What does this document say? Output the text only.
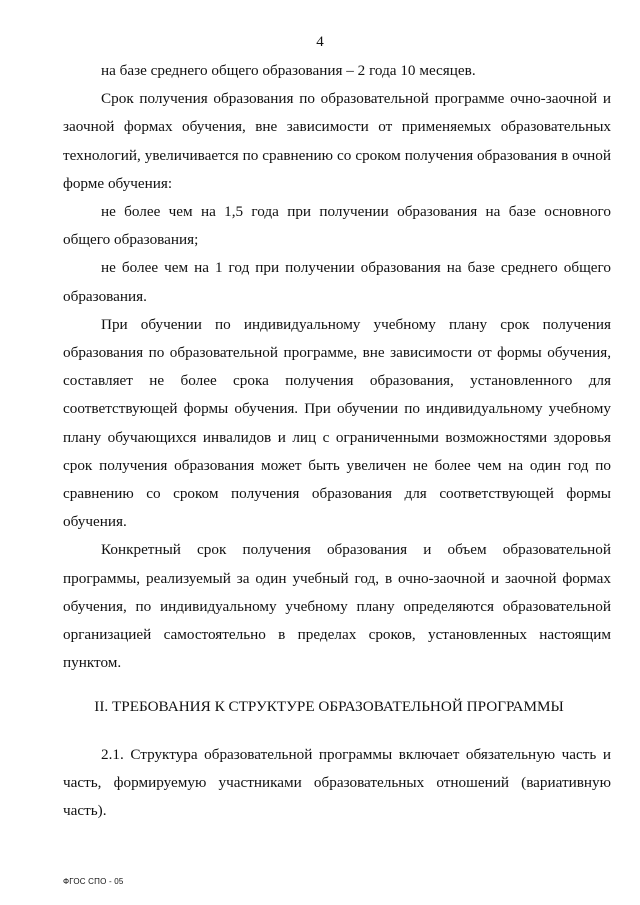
4

на базе среднего общего образования – 2 года 10 месяцев.

Срок получения образования по образовательной программе очно-заочной и заочной формах обучения, вне зависимости от применяемых образовательных технологий, увеличивается по сравнению со сроком получения образования в очной форме обучения:

не более чем на 1,5 года при получении образования на базе основного общего образования;

не более чем на 1 год при получении образования на базе среднего общего образования.

При обучении по индивидуальному учебному плану срок получения образования по образовательной программе, вне зависимости от формы обучения, составляет не более срока получения образования, установленного для соответствующей формы обучения. При обучении по индивидуальному учебному плану обучающихся инвалидов и лиц с ограниченными возможностями здоровья срок получения образования может быть увеличен не более чем на один год по сравнению со сроком получения образования для соответствующей формы обучения.

Конкретный срок получения образования и объем образовательной программы, реализуемый за один учебный год, в очно-заочной и заочной формах обучения, по индивидуальному учебному плану определяются образовательной организацией самостоятельно в пределах сроков, установленных настоящим пунктом.

II. ТРЕБОВАНИЯ К СТРУКТУРЕ ОБРАЗОВАТЕЛЬНОЙ ПРОГРАММЫ

2.1. Структура образовательной программы включает обязательную часть и часть, формируемую участниками образовательных отношений (вариативную часть).

ФГОС СПО - 05
